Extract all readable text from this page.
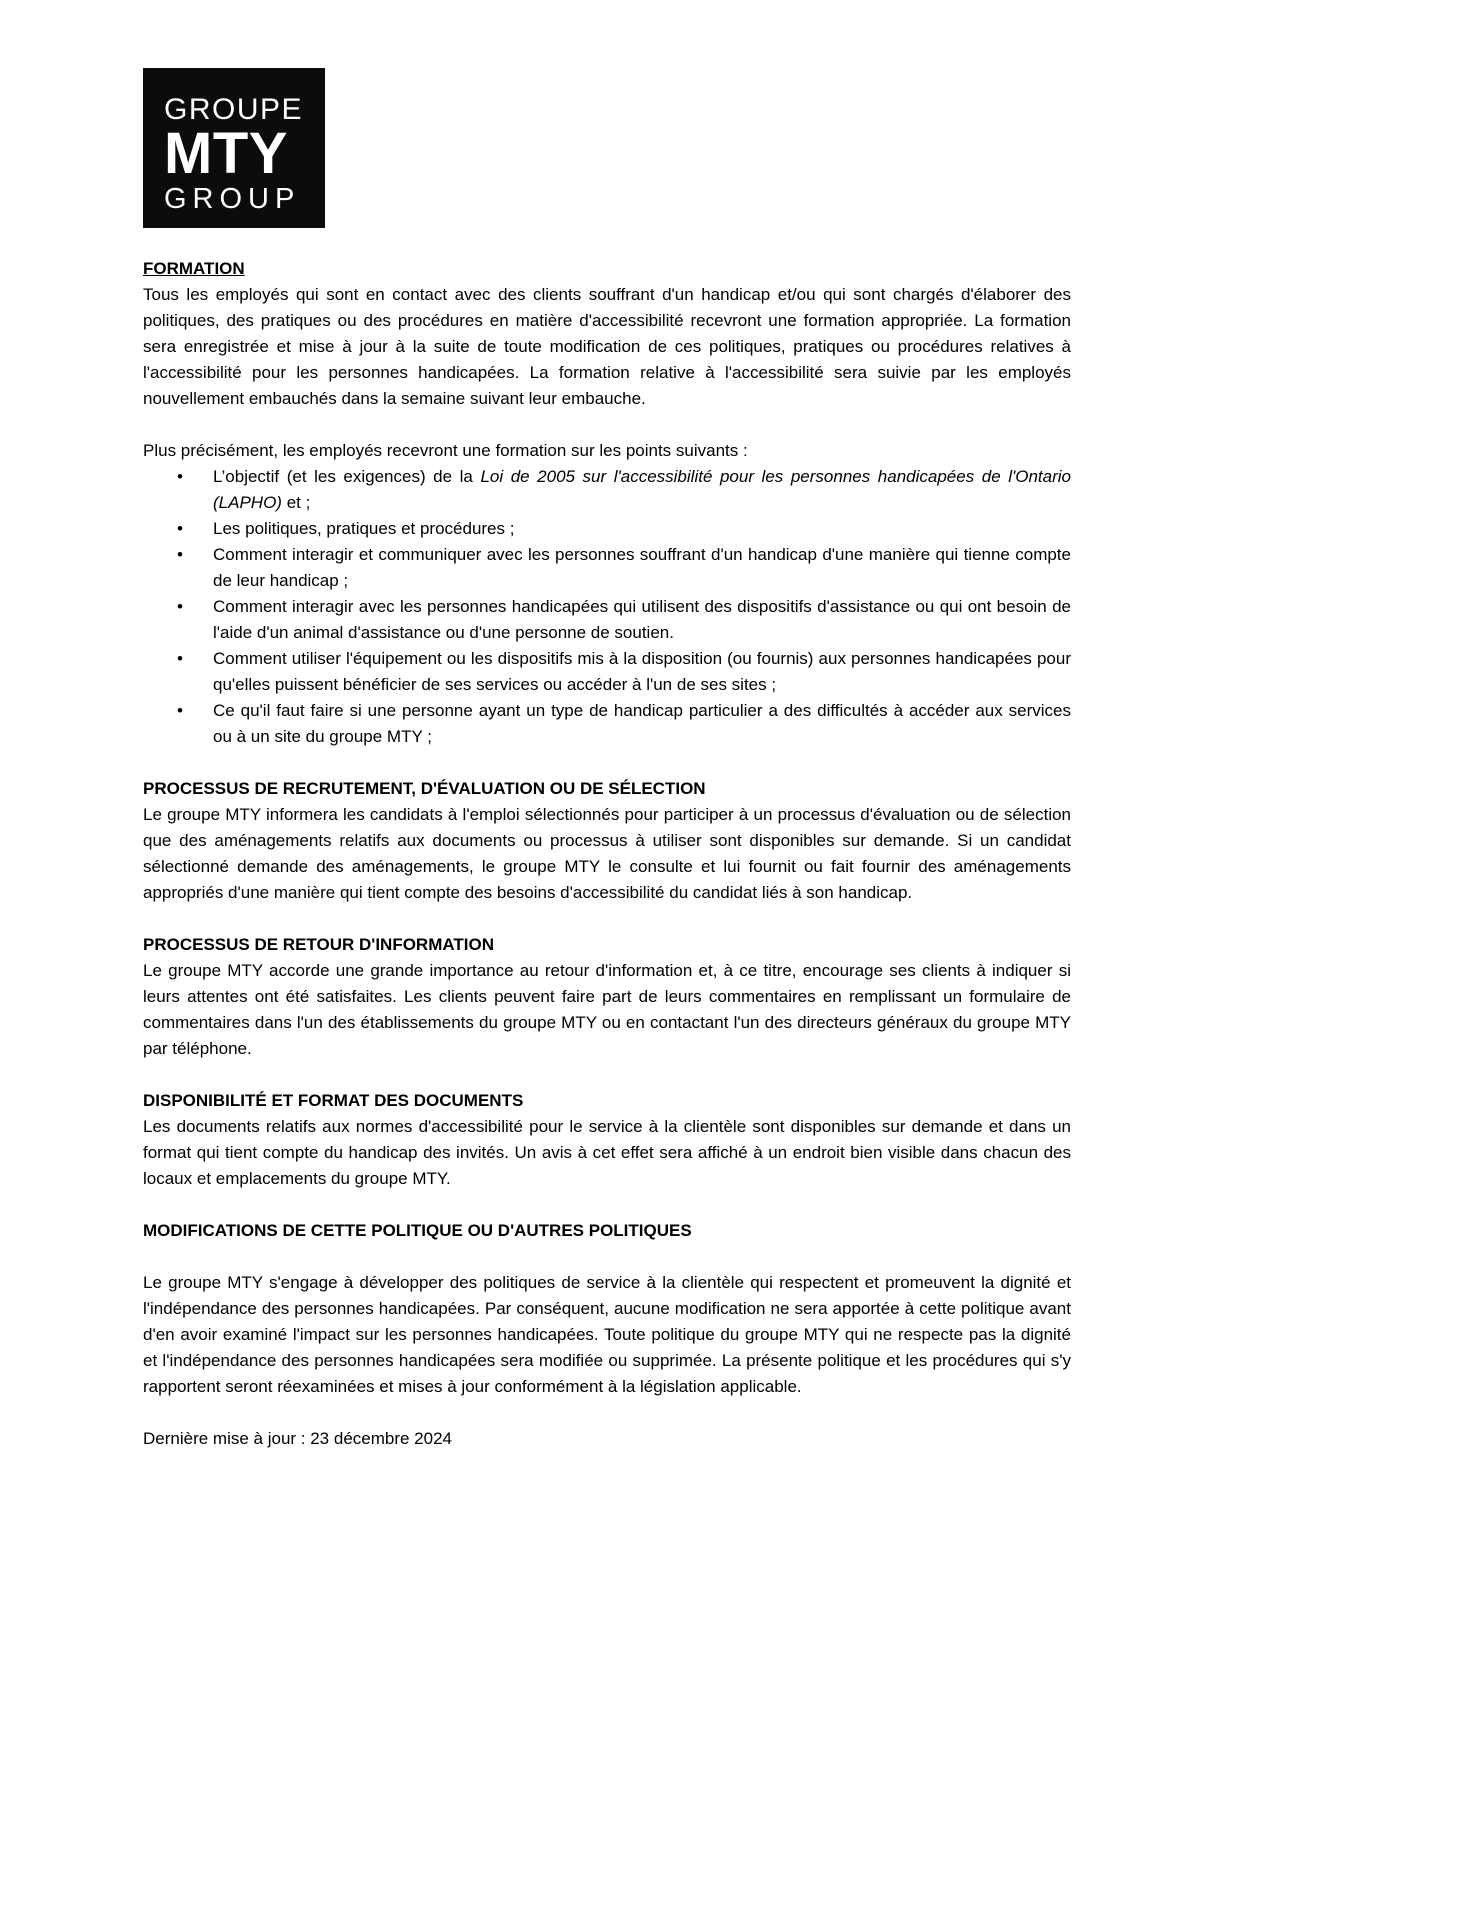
GROUPE
MTY
GROUP
FORMATION

Tous les employés qui sont en contact avec des clients souffrant d'un handicap et/ou qui sont chargés d'élaborer des politiques, des pratiques ou des procédures en matière d'accessibilité recevront une formation appropriée. La formation sera enregistrée et mise à jour à la suite de toute modification de ces politiques, pratiques ou procédures relatives à l'accessibilité pour les personnes handicapées. La formation relative à l'accessibilité sera suivie par les employés nouvellement embauchés dans la semaine suivant leur embauche.

Plus précisément, les employés recevront une formation sur les points suivants :

• L’objectif (et les exigences) de la Loi de 2005 sur l'accessibilité pour les personnes handicapées de l'Ontario (LAPHO) et ;
• Les politiques, pratiques et procédures ;
• Comment interagir et communiquer avec les personnes souffrant d'un handicap d'une manière qui tienne compte de leur handicap ;
• Comment interagir avec les personnes handicapées qui utilisent des dispositifs d'assistance ou qui ont besoin de l'aide d'un animal d'assistance ou d'une personne de soutien.
• Comment utiliser l'équipement ou les dispositifs mis à la disposition (ou fournis) aux personnes handicapées pour qu'elles puissent bénéficier de ses services ou accéder à l'un de ses sites ;
• Ce qu'il faut faire si une personne ayant un type de handicap particulier a des difficultés à accéder aux services ou à un site du groupe MTY ;
PROCESSUS DE RECRUTEMENT, D'ÉVALUATION OU DE SÉLECTION

Le groupe MTY informera les candidats à l'emploi sélectionnés pour participer à un processus d'évaluation ou de sélection que des aménagements relatifs aux documents ou processus à utiliser sont disponibles sur demande. Si un candidat sélectionné demande des aménagements, le groupe MTY le consulte et lui fournit ou fait fournir des aménagements appropriés d'une manière qui tient compte des besoins d'accessibilité du candidat liés à son handicap.

PROCESSUS DE RETOUR D'INFORMATION

Le groupe MTY accorde une grande importance au retour d'information et, à ce titre, encourage ses clients à indiquer si leurs attentes ont été satisfaites. Les clients peuvent faire part de leurs commentaires en remplissant un formulaire de commentaires dans l'un des établissements du groupe MTY ou en contactant l'un des directeurs généraux du groupe MTY par téléphone.

DISPONIBILITÉ ET FORMAT DES DOCUMENTS

Les documents relatifs aux normes d'accessibilité pour le service à la clientèle sont disponibles sur demande et dans un format qui tient compte du handicap des invités. Un avis à cet effet sera affiché à un endroit bien visible dans chacun des locaux et emplacements du groupe MTY.

MODIFICATIONS DE CETTE POLITIQUE OU D'AUTRES POLITIQUES

Le groupe MTY s'engage à développer des politiques de service à la clientèle qui respectent et promeuvent la dignité et l'indépendance des personnes handicapées. Par conséquent, aucune modification ne sera apportée à cette politique avant d'en avoir examiné l'impact sur les personnes handicapées. Toute politique du groupe MTY qui ne respecte pas la dignité et l'indépendance des personnes handicapées sera modifiée ou supprimée. La présente politique et les procédures qui s'y rapportent seront réexaminées et mises à jour conformément à la législation applicable.

Dernière mise à jour : 23 décembre 2024
